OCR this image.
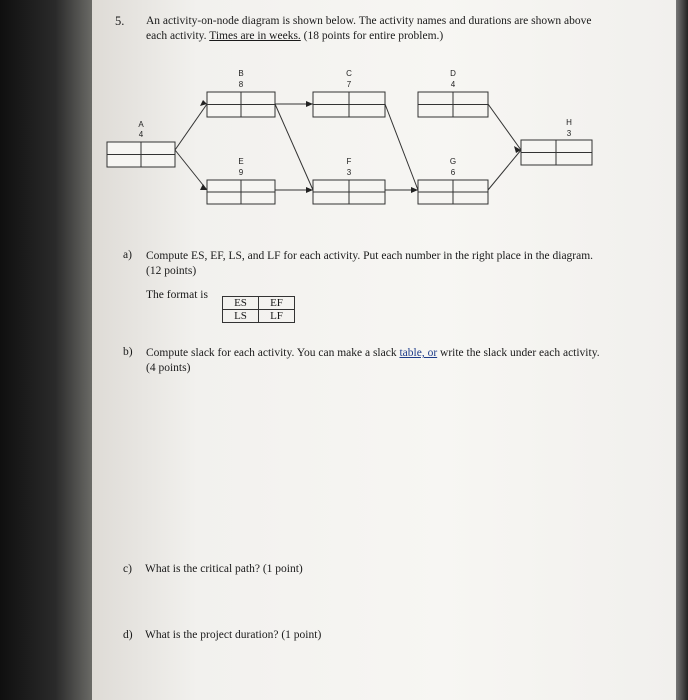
5. An activity-on-node diagram is shown below. The activity names and durations are shown above each activity. Times are in weeks. (18 points for entire problem.)
A
4
B
8
C
7
D
4
E
9
F
3
G
6
H
3
a) Compute ES, EF, LS, and LF for each activity. Put each number in the right place in the diagram. (12 points)
The format is
ES	EF
LS	LF
b) Compute slack for each activity. You can make a slack table, or write the slack under each activity. (4 points)
c) What is the critical path? (1 point)
d) What is the project duration? (1 point)
